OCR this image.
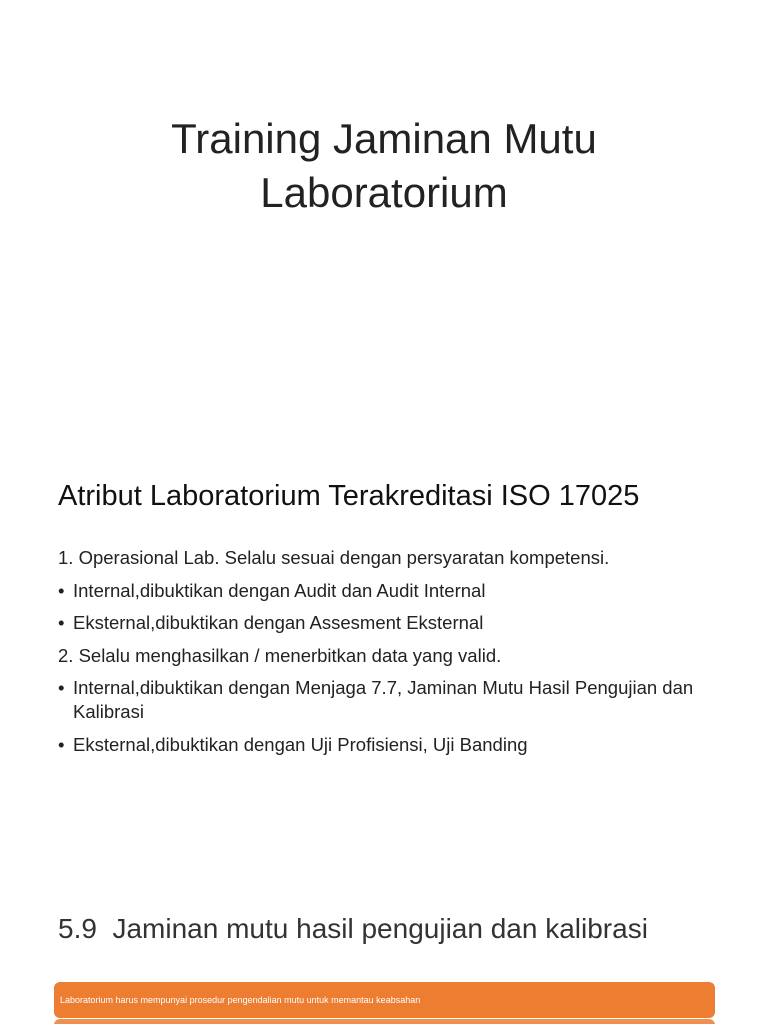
Training Jaminan Mutu
Laboratorium
Atribut Laboratorium Terakreditasi ISO 17025
1. Operasional Lab. Selalu sesuai dengan persyaratan kompetensi.
• Internal,dibuktikan dengan Audit dan Audit Internal
• Eksternal,dibuktikan dengan Assesment Eksternal
2. Selalu menghasilkan / menerbitkan data yang valid.
• Internal,dibuktikan dengan Menjaga 7.7, Jaminan Mutu Hasil Pengujian dan Kalibrasi
• Eksternal,dibuktikan dengan Uji Profisiensi, Uji Banding
5.9  Jaminan mutu hasil pengujian dan kalibrasi
Laboratorium harus mempunyai prosedur pengendalian mutu untuk memantau keabsahan
